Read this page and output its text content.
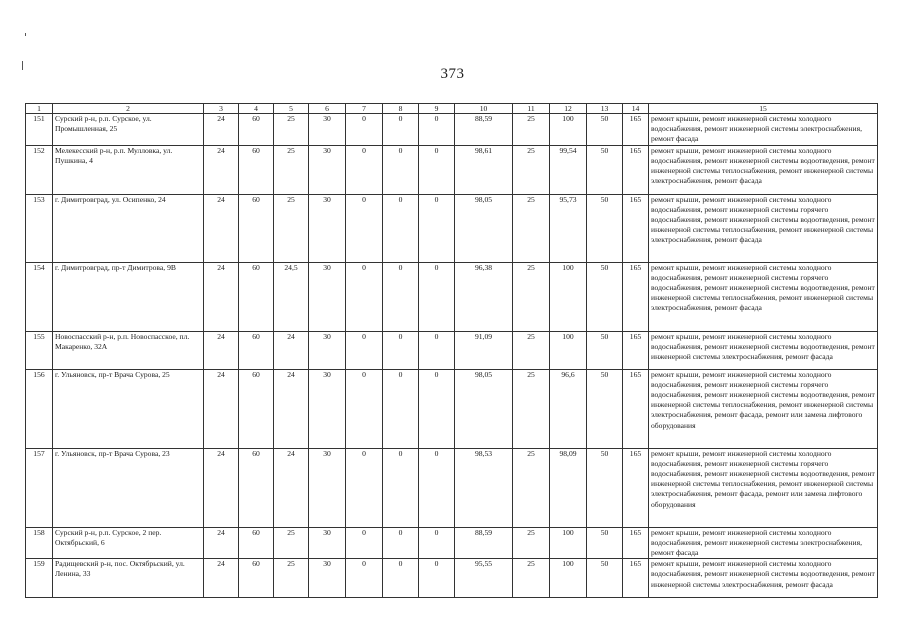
373
1	2	3	4	5	6	7	8	9	10	11	12	13	14	15
151	Сурский р-н, р.п. Сурское, ул. Промышленная, 25	24	60	25	30	0	0	0	88,59	25	100	50	165	ремонт крыши, ремонт инженерной системы холодного водоснабжения, ремонт инженерной системы электроснабжения, ремонт фасада
152	Мелекесский р-н, р.п. Мулловка, ул. Пушкина, 4	24	60	25	30	0	0	0	98,61	25	99,54	50	165	ремонт крыши, ремонт инженерной системы холодного водоснабжения, ремонт инженерной системы водоотведения, ремонт инженерной системы теплоснабжения, ремонт инженерной системы электроснабжения, ремонт фасада
153	г. Димитровград, ул. Осипенко, 24	24	60	25	30	0	0	0	98,05	25	95,73	50	165	ремонт крыши, ремонт инженерной системы холодного водоснабжения, ремонт инженерной системы горячего водоснабжения, ремонт инженерной системы водоотведения, ремонт инженерной системы теплоснабжения, ремонт инженерной системы электроснабжения, ремонт фасада
154	г. Димитровград, пр-т Димитрова, 9В	24	60	24,5	30	0	0	0	96,38	25	100	50	165	ремонт крыши, ремонт инженерной системы холодного водоснабжения, ремонт инженерной системы горячего водоснабжения, ремонт инженерной системы водоотведения, ремонт инженерной системы теплоснабжения, ремонт инженерной системы электроснабжения, ремонт фасада
155	Новоспасский р-н, р.п. Новоспасское, пл. Макаренко, 32А	24	60	24	30	0	0	0	91,09	25	100	50	165	ремонт крыши, ремонт инженерной системы холодного водоснабжения, ремонт инженерной системы водоотведения, ремонт инженерной системы электроснабжения, ремонт фасада
156	г. Ульяновск, пр-т Врача Сурова, 25	24	60	24	30	0	0	0	98,05	25	96,6	50	165	ремонт крыши, ремонт инженерной системы холодного водоснабжения, ремонт инженерной системы горячего водоснабжения, ремонт инженерной системы водоотведения, ремонт инженерной системы теплоснабжения, ремонт инженерной системы электроснабжения, ремонт фасада, ремонт или замена лифтового оборудования
157	г. Ульяновск, пр-т Врача Сурова, 23	24	60	24	30	0	0	0	98,53	25	98,09	50	165	ремонт крыши, ремонт инженерной системы холодного водоснабжения, ремонт инженерной системы горячего водоснабжения, ремонт инженерной системы водоотведения, ремонт инженерной системы теплоснабжения, ремонт инженерной системы электроснабжения, ремонт фасада, ремонт или замена лифтового оборудования
158	Сурский р-н, р.п. Сурское, 2 пер. Октябрьский, 6	24	60	25	30	0	0	0	88,59	25	100	50	165	ремонт крыши, ремонт инженерной системы холодного водоснабжения, ремонт инженерной системы электроснабжения, ремонт фасада
159	Радищевский р-н, пос. Октябрьский, ул. Ленина, 33	24	60	25	30	0	0	0	95,55	25	100	50	165	ремонт крыши, ремонт инженерной системы холодного водоснабжения, ремонт инженерной системы водоотведения, ремонт инженерной системы электроснабжения, ремонт фасада
